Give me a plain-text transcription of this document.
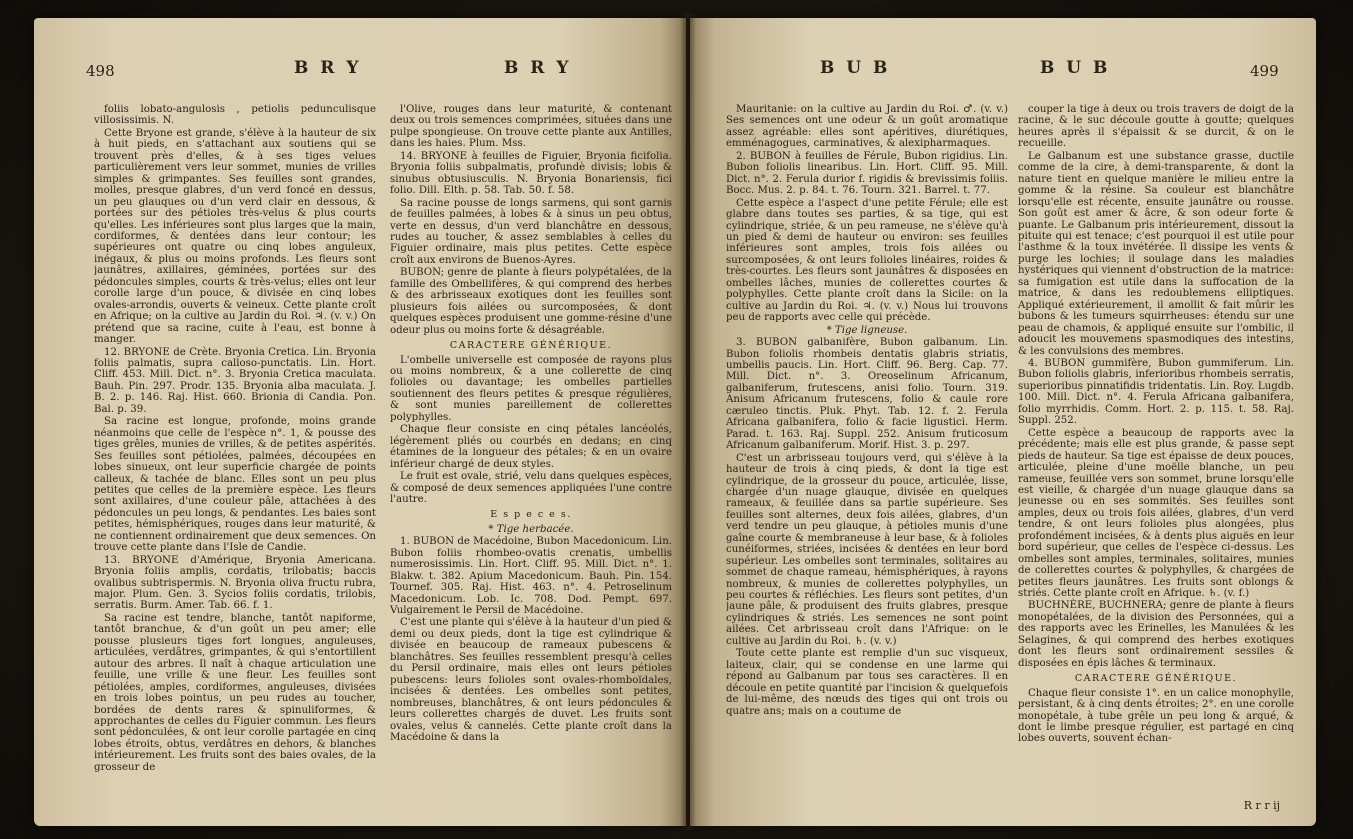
498	B R Y	B R Y

foliis lobato-angulosis , petiolis pedunculisque villosissimis. N.

Cette Bryone est grande, s'élève à la hauteur de six à huit pieds, en s'attachant aux soutiens qui se trouvent près d'elles, & à ses tiges velues particulièrement vers leur sommet, munies de vrilles simples & grimpantes. Ses feuilles sont grandes, molles, presque glabres, d'un verd foncé en dessus, un peu glauques ou d'un verd clair en dessous, & portées sur des pétioles très-velus & plus courts qu'elles. Les inférieures sont plus larges que la main, cordiformes, & dentées dans leur contour; les supérieures ont quatre ou cinq lobes anguleux, inégaux, & plus ou moins profonds. Les fleurs sont jaunâtres, axillaires, géminées, portées sur des pédoncules simples, courts & très-velus; elles ont leur corolle large d'un pouce, & divisée en cinq lobes ovales-arrondis, ouverts & veineux. Cette plante croît en Afrique; on la cultive au Jardin du Roi. ♃. (v. v.) On prétend que sa racine, cuite à l'eau, est bonne à manger.

12. BRYONE de Crète. Bryonia Cretica. Lin. Bryonia foliis palmatis, supra calloso-punctatis. Lin. Hort. Cliff. 453. Mill. Dict. n°. 3. Bryonia Cretica maculata. Bauh. Pin. 297. Prodr. 135. Bryonia alba maculata. J. B. 2. p. 146. Raj. Hist. 660. Brionia di Candia. Pon. Bal. p. 39.

Sa racine est longue, profonde, moins grande néanmoins que celle de l'espèce n°. 1, & pousse des tiges grêles, munies de vrilles, & de petites aspérités. Ses feuilles sont pétiolées, palmées, découpées en lobes sinueux, ont leur superficie chargée de points calleux, & tachée de blanc. Elles sont un peu plus petites que celles de la première espèce. Les fleurs sont axillaires, d'une couleur pâle, attachées à des pédoncules un peu longs, & pendantes. Les baies sont petites, hémisphériques, rouges dans leur maturité, & ne contiennent ordinairement que deux semences. On trouve cette plante dans l'Isle de Candie.

13. BRYONE d'Amérique, Bryonia Americana. Bryonia foliis amplis, cordatis, trilobatis; baccis ovalibus subtrispermis. N. Bryonia oliva fructu rubra, major. Plum. Gen. 3. Sycios foliis cordatis, trilobis, serratis. Burm. Amer. Tab. 66. f. 1.

Sa racine est tendre, blanche, tantôt napiforme, tantôt branchue, & d'un goût un peu amer; elle pousse plusieurs tiges fort longues, anguleuses, articulées, verdâtres, grimpantes, & qui s'entortillent autour des arbres. Il naît à chaque articulation une feuille, une vrille & une fleur. Les feuilles sont pétiolées, amples, cordiformes, anguleuses, divisées en trois lobes pointus, un peu rudes au toucher, bordées de dents rares & spinuliformes, & approchantes de celles du Figuier commun. Les fleurs sont pédonculées, & ont leur corolle partagée en cinq lobes étroits, obtus, verdâtres en dehors, & blanches intérieurement. Les fruits sont des baies ovales, de la grosseur de

l'Olive, rouges dans leur maturité, & contenant deux ou trois semences comprimées, situées dans une pulpe spongieuse. On trouve cette plante aux Antilles, dans les haies. Plum. Mss.

14. BRYONE à feuilles de Figuier, Bryonia ficifolia. Bryonia foliis subpalmatis, profundè divisis; lobis & sinubus obtusiusculis. N. Bryonia Bonariensis, fici folio. Dill. Elth. p. 58. Tab. 50. f. 58.

Sa racine pousse de longs sarmens, qui sont garnis de feuilles palmées, à lobes & à sinus un peu obtus, verte en dessus, d'un verd blanchâtre en dessous, rudes au toucher, & assez semblables à celles du Figuier ordinaire, mais plus petites. Cette espèce croît aux environs de Buenos-Ayres.

BUBON; genre de plante à fleurs polypétalées, de la famille des Ombellifères, & qui comprend des herbes & des arbrisseaux exotiques dont les feuilles sont plusieurs fois ailées ou surcomposées, & dont quelques espèces produisent une gomme-résine d'une odeur plus ou moins forte & désagréable.

CARACTERE GÉNÉRIQUE.

L'ombelle universelle est composée de rayons plus ou moins nombreux, & a une collerette de cinq folioles ou davantage; les ombelles partielles soutiennent des fleurs petites & presque régulières, & sont munies pareillement de collerettes polyphylles.

Chaque fleur consiste en cinq pétales lancéolés, légèrement pliés ou courbés en dedans; en cinq étamines de la longueur des pétales; & en un ovaire inférieur chargé de deux styles.

Le fruit est ovale, strié, velu dans quelques espèces, & composé de deux semences appliquées l'une contre l'autre.

E s p e c e s.

* Tige herbacée.

1. BUBON de Macédoine, Bubon Macedonicum. Lin. Bubon foliis rhombeo-ovatis crenatis, umbellis numerosissimis. Lin. Hort. Cliff. 95. Mill. Dict. n°. 1. Blakw. t. 382. Apium Macedonicum. Bauh. Pin. 154. Tournef. 305. Raj. Hist. 463. n°. 4. Petroselinum Macedonicum. Lob. Ic. 708. Dod. Pempt. 697. Vulgairement le Persil de Macédoine.

C'est une plante qui s'élève à la hauteur d'un pied & demi ou deux pieds, dont la tige est cylindrique & divisée en beaucoup de rameaux pubescens & blanchâtres. Ses feuilles ressemblent presqu'à celles du Persil ordinaire, mais elles ont leurs pétioles pubescens: leurs folioles sont ovales-rhomboïdales, incisées & dentées. Les ombelles sont petites, nombreuses, blanchâtres, & ont leurs pédoncules & leurs collerettes chargés de duvet. Les fruits sont ovales, velus & cannelés. Cette plante croît dans la Macédoine & dans la

B U B	B U B	499

Mauritanie: on la cultive au Jardin du Roi. ♂. (v. v.) Ses semences ont une odeur & un goût aromatique assez agréable: elles sont apéritives, diurétiques, emménagogues, carminatives, & alexipharmaques.

2. BUBON à feuilles de Férule, Bubon rigidius. Lin. Bubon foliolis linearibus. Lin. Hort. Cliff. 95. Mill. Dict. n°. 2. Ferula durior f. rigidis & brevissimis foliis. Bocc. Mus. 2. p. 84. t. 76. Tourn. 321. Barrel. t. 77.

Cette espèce a l'aspect d'une petite Férule; elle est glabre dans toutes ses parties, & sa tige, qui est cylindrique, striée, & un peu rameuse, ne s'élève qu'à un pied & demi de hauteur ou environ: ses feuilles inférieures sont amples, trois fois ailées ou surcomposées, & ont leurs folioles linéaires, roides & très-courtes. Les fleurs sont jaunâtres & disposées en ombelles lâches, munies de collerettes courtes & polyphylles. Cette plante croît dans la Sicile: on la cultive au Jardin du Roi. ♃. (v. v.) Nous lui trouvons peu de rapports avec celle qui précède.

* Tige ligneuse.

3. BUBON galbanifère, Bubon galbanum. Lin. Bubon foliolis rhombeis dentatis glabris striatis, umbellis paucis. Lin. Hort. Cliff. 96. Berg. Cap. 77. Mill. Dict. n°. 3. Oreoselinum Africanum, galbaniferum, frutescens, anisi folio. Tourn. 319. Anisum Africanum frutescens, folio & caule rore cæruleo tinctis. Pluk. Phyt. Tab. 12. f. 2. Ferula Africana galbanifera, folio & facie ligustici. Herm. Parad. t. 163. Raj. Suppl. 252. Anisum fruticosum Africanum galbaniferum. Morif. Hist. 3. p. 297.

C'est un arbrisseau toujours verd, qui s'élève à la hauteur de trois à cinq pieds, & dont la tige est cylindrique, de la grosseur du pouce, articulée, lisse, chargée d'un nuage glauque, divisée en quelques rameaux, & feuillée dans sa partie supérieure. Ses feuilles sont alternes, deux fois ailées, glabres, d'un verd tendre un peu glauque, à pétioles munis d'une gaîne courte & membraneuse à leur base, & à folioles cunéiformes, striées, incisées & dentées en leur bord supérieur. Les ombelles sont terminales, solitaires au sommet de chaque rameau, hémisphériques, à rayons nombreux, & munies de collerettes polyphylles, un peu courtes & réfléchies. Les fleurs sont petites, d'un jaune pâle, & produisent des fruits glabres, presque cylindriques & striés. Les semences ne sont point ailées. Cet arbrisseau croît dans l'Afrique: on le cultive au Jardin du Roi. ♄. (v. v.)

Toute cette plante est remplie d'un suc visqueux, laiteux, clair, qui se condense en une larme qui répond au Galbanum par tous ses caractères. Il en découle en petite quantité par l'incision & quelquefois de lui-même, des nœuds des tiges qui ont trois ou quatre ans; mais on a coutume de

couper la tige à deux ou trois travers de doigt de la racine, & le suc découle goutte à goutte; quelques heures après il s'épaissit & se durcit, & on le recueille.

Le Galbanum est une substance grasse, ductile comme de la cire, à demi-transparente, & dont la nature tient en quelque manière le milieu entre la gomme & la résine. Sa couleur est blanchâtre lorsqu'elle est récente, ensuite jaunâtre ou rousse. Son goût est amer & âcre, & son odeur forte & puante. Le Galbanum pris intérieurement, dissout la pituite qui est tenace; c'est pourquoi il est utile pour l'asthme & la toux invétérée. Il dissipe les vents & purge les lochies; il soulage dans les maladies hystériques qui viennent d'obstruction de la matrice: sa fumigation est utile dans la suffocation de la matrice, & dans les redoublemens elliptiques. Appliqué extérieurement, il amollit & fait mûrir les bubons & les tumeurs squirrheuses: étendu sur une peau de chamois, & appliqué ensuite sur l'ombilic, il adoucit les mouvemens spasmodiques des intestins, & les convulsions des membres.

4. BUBON gummifère, Bubon gummiferum. Lin. Bubon foliolis glabris, inferioribus rhombeis serratis, superioribus pinnatifidis tridentatis. Lin. Roy. Lugdb. 100. Mill. Dict. n°. 4. Ferula Africana galbanifera, folio myrrhidis. Comm. Hort. 2. p. 115. t. 58. Raj. Suppl. 252.

Cette espèce a beaucoup de rapports avec la précédente; mais elle est plus grande, & passe sept pieds de hauteur. Sa tige est épaisse de deux pouces, articulée, pleine d'une moëlle blanche, un peu rameuse, feuillée vers son sommet, brune lorsqu'elle est vieille, & chargée d'un nuage glauque dans sa jeunesse ou en ses sommités. Ses feuilles sont amples, deux ou trois fois ailées, glabres, d'un verd tendre, & ont leurs folioles plus alongées, plus profondément incisées, & à dents plus aiguës en leur bord supérieur, que celles de l'espèce ci-dessus. Les ombelles sont amples, terminales, solitaires, munies de collerettes courtes & polyphylles, & chargées de petites fleurs jaunâtres. Les fruits sont oblongs & striés. Cette plante croît en Afrique. ♄. (v. f.)

BUCHNÈRE, BUCHNERA; genre de plante à fleurs monopétalées, de la division des Personnées, qui a des rapports avec les Erinelles, les Manulées & les Selagines, & qui comprend des herbes exotiques dont les fleurs sont ordinairement sessiles & disposées en épis lâches & terminaux.

CARACTERE GÉNÉRIQUE.

Chaque fleur consiste 1°. en un calice monophylle, persistant, & à cinq dents étroites; 2°. en une corolle monopétale, à tube grêle un peu long & arqué, & dont le limbe presque régulier, est partagé en cinq lobes ouverts, souvent échan-

R r r ij
